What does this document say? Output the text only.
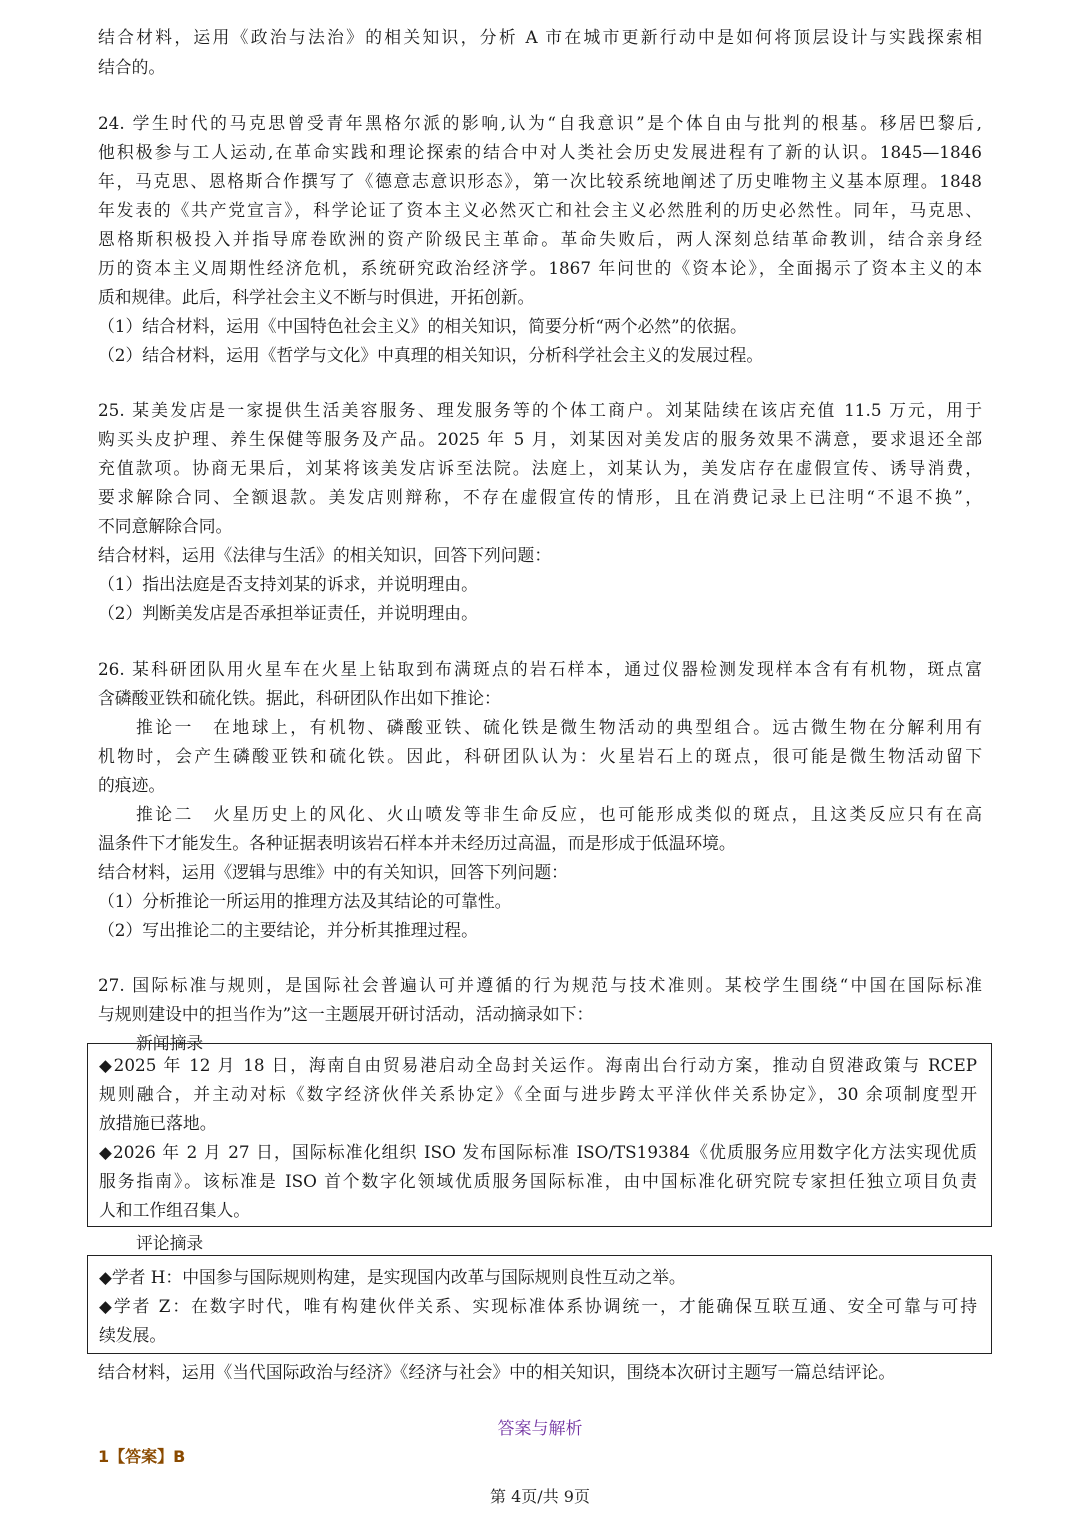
结合材料，运用《政治与法治》的相关知识，分析 A 市在城市更新行动中是如何将顶层设计与实践探索相
结合的。
24. 学生时代的马克思曾受青年黑格尔派的影响,认为“自我意识”是个体自由与批判的根基。移居巴黎后,
他积极参与工人运动,在革命实践和理论探索的结合中对人类社会历史发展进程有了新的认识。1845—1846
年，马克思、恩格斯合作撰写了《德意志意识形态》，第一次比较系统地阐述了历史唯物主义基本原理。1848
年发表的《共产党宣言》，科学论证了资本主义必然灭亡和社会主义必然胜利的历史必然性。同年，马克思、
恩格斯积极投入并指导席卷欧洲的资产阶级民主革命。革命失败后，两人深刻总结革命教训，结合亲身经
历的资本主义周期性经济危机，系统研究政治经济学。1867 年问世的《资本论》，全面揭示了资本主义的本
质和规律。此后，科学社会主义不断与时俱进，开拓创新。
（1）结合材料，运用《中国特色社会主义》的相关知识，简要分析“两个必然”的依据。
（2）结合材料，运用《哲学与文化》中真理的相关知识，分析科学社会主义的发展过程。
25. 某美发店是一家提供生活美容服务、理发服务等的个体工商户。刘某陆续在该店充值 11.5 万元，用于
购买头皮护理、养生保健等服务及产品。2025 年 5 月，刘某因对美发店的服务效果不满意，要求退还全部
充值款项。协商无果后，刘某将该美发店诉至法院。法庭上，刘某认为，美发店存在虚假宣传、诱导消费，
要求解除合同、全额退款。美发店则辩称，不存在虚假宣传的情形，且在消费记录上已注明“不退不换”，
不同意解除合同。
结合材料，运用《法律与生活》的相关知识，回答下列问题：
（1）指出法庭是否支持刘某的诉求，并说明理由。
（2）判断美发店是否承担举证责任，并说明理由。
26. 某科研团队用火星车在火星上钻取到布满斑点的岩石样本，通过仪器检测发现样本含有有机物，斑点富
含磷酸亚铁和硫化铁。据此，科研团队作出如下推论：
推论一　在地球上，有机物、磷酸亚铁、硫化铁是微生物活动的典型组合。远古微生物在分解利用有
机物时，会产生磷酸亚铁和硫化铁。因此，科研团队认为：火星岩石上的斑点，很可能是微生物活动留下
的痕迹。
推论二　火星历史上的风化、火山喷发等非生命反应，也可能形成类似的斑点，且这类反应只有在高
温条件下才能发生。各种证据表明该岩石样本并未经历过高温，而是形成于低温环境。
结合材料，运用《逻辑与思维》中的有关知识，回答下列问题：
（1）分析推论一所运用的推理方法及其结论的可靠性。
（2）写出推论二的主要结论，并分析其推理过程。
27. 国际标准与规则，是国际社会普遍认可并遵循的行为规范与技术准则。某校学生围绕“中国在国际标准
与规则建设中的担当作为”这一主题展开研讨活动，活动摘录如下：
新闻摘录
◆2025 年 12 月 18 日，海南自由贸易港启动全岛封关运作。海南出台行动方案，推动自贸港政策与 RCEP
规则融合，并主动对标《数字经济伙伴关系协定》《全面与进步跨太平洋伙伴关系协定》，30 余项制度型开
放措施已落地。
◆2026 年 2 月 27 日，国际标准化组织 ISO 发布国际标准 ISO/TS19384《优质服务应用数字化方法实现优质
服务指南》。该标准是 ISO 首个数字化领域优质服务国际标准，由中国标准化研究院专家担任独立项目负责
人和工作组召集人。
评论摘录
◆学者 H：中国参与国际规则构建，是实现国内改革与国际规则良性互动之举。
◆学者 Z：在数字时代，唯有构建伙伴关系、实现标准体系协调统一，才能确保互联互通、安全可靠与可持
续发展。
结合材料，运用《当代国际政治与经济》《经济与社会》中的相关知识，围绕本次研讨主题写一篇总结评论。
答案与解析
1【答案】B
第 4页/共 9页
